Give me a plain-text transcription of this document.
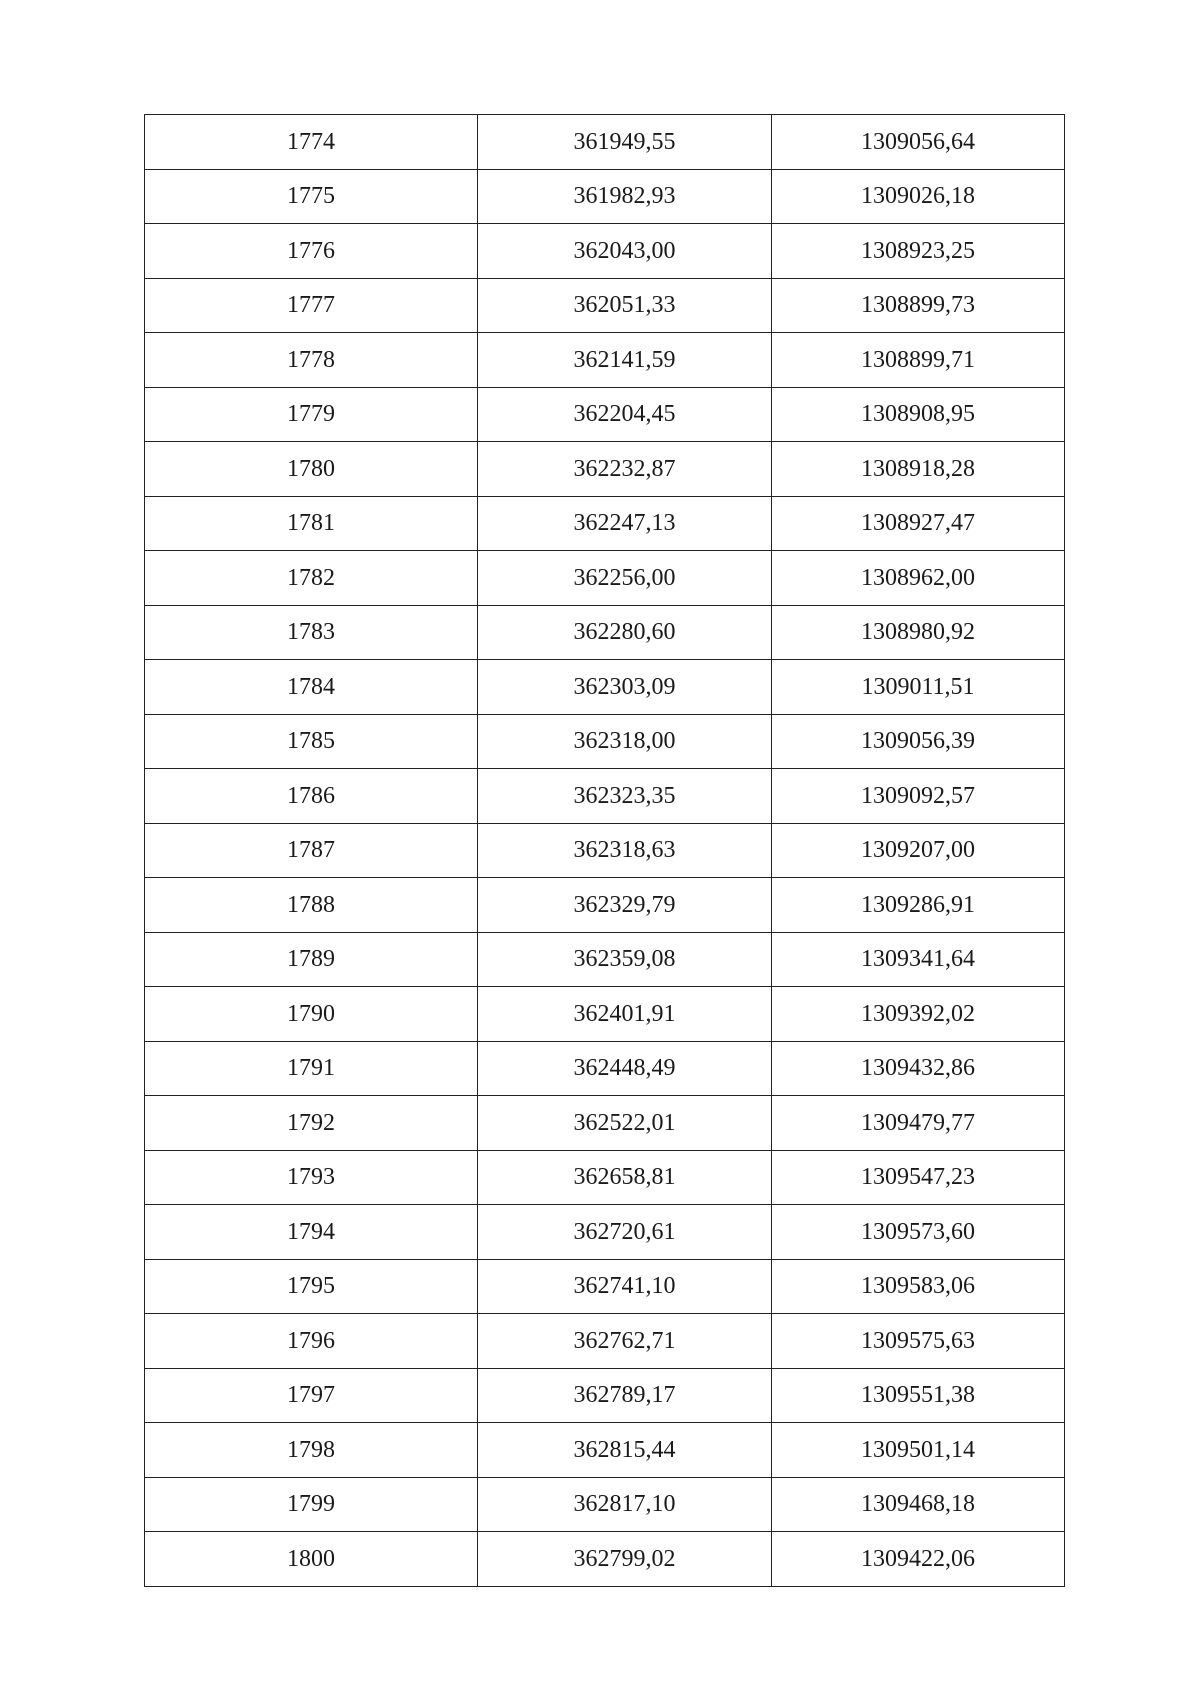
1774	361949,55	1309056,64
1775	361982,93	1309026,18
1776	362043,00	1308923,25
1777	362051,33	1308899,73
1778	362141,59	1308899,71
1779	362204,45	1308908,95
1780	362232,87	1308918,28
1781	362247,13	1308927,47
1782	362256,00	1308962,00
1783	362280,60	1308980,92
1784	362303,09	1309011,51
1785	362318,00	1309056,39
1786	362323,35	1309092,57
1787	362318,63	1309207,00
1788	362329,79	1309286,91
1789	362359,08	1309341,64
1790	362401,91	1309392,02
1791	362448,49	1309432,86
1792	362522,01	1309479,77
1793	362658,81	1309547,23
1794	362720,61	1309573,60
1795	362741,10	1309583,06
1796	362762,71	1309575,63
1797	362789,17	1309551,38
1798	362815,44	1309501,14
1799	362817,10	1309468,18
1800	362799,02	1309422,06
